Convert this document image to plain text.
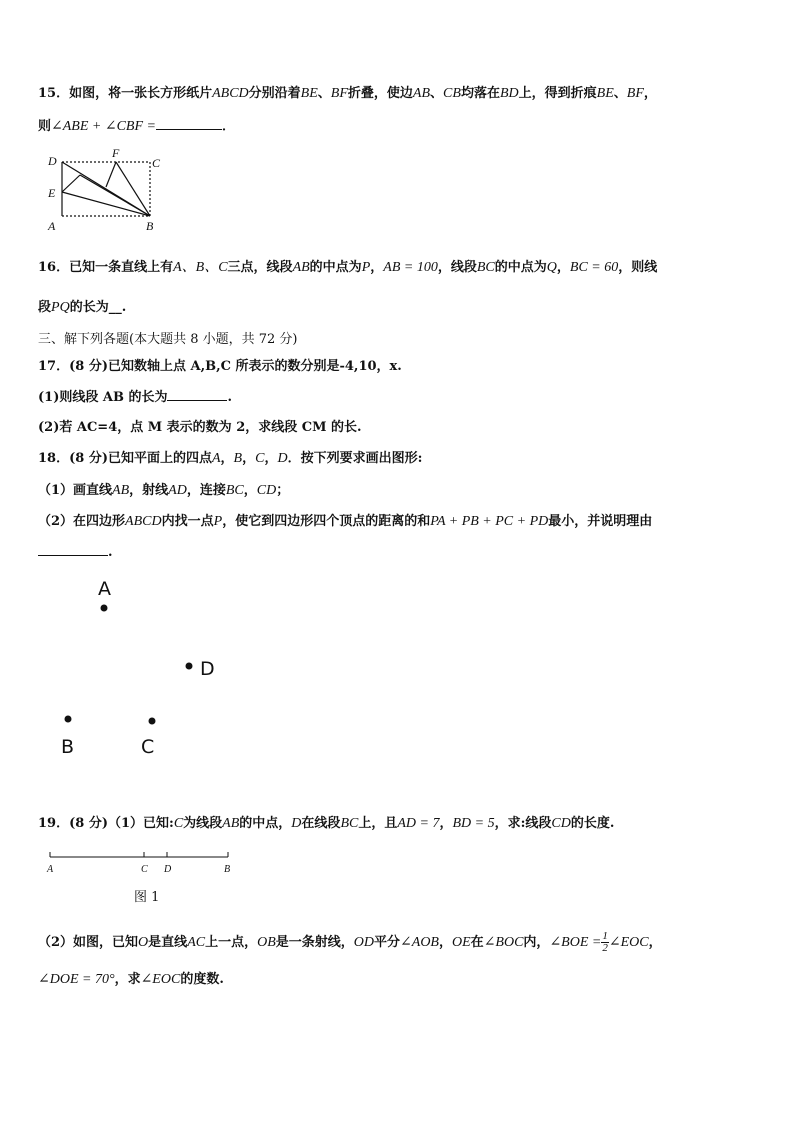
15．如图，将一张长方形纸片ABCD分别沿着BE、BF折叠，使边AB、CB均落在BD上，得到折痕BE、BF，
则∠ABE + ∠CBF =	．
D
F
C
E
A	B
16．已知一条直线上有A、B、C三点，线段AB的中点为P，AB = 100，线段BC的中点为Q，BC = 60，则线
段PQ的长为__.
三、解下列各题(本大题共 8 小题，共 72 分)
17．(8 分)已知数轴上点 A,B,C 所表示的数分别是-4,10，x.
(1)则线段 AB 的长为	.
(2)若 AC=4，点 M 表示的数为 2，求线段 CM 的长.
18．(8 分)已知平面上的四点A，B，C，D．按下列要求画出图形:
（1）画直线AB，射线AD，连接BC，CD；
（2）在四边形ABCD内找一点P，使它到四边形四个顶点的距离的和PA + PB + PC + PD最小，并说明理由
.
A
D
B	C
19．(8 分)（1）已知:C为线段AB的中点，D在线段BC上，且AD = 7，BD = 5，求:线段CD的长度.
A	C D	B
图 1
（2）如图，已知O是直线AC上一点，OB是一条射线，OD平分∠AOB，OE在∠BOC内，∠BOE = $\frac{1}{2}$ ∠EOC，
∠DOE = 70°，求∠EOC的度数.
